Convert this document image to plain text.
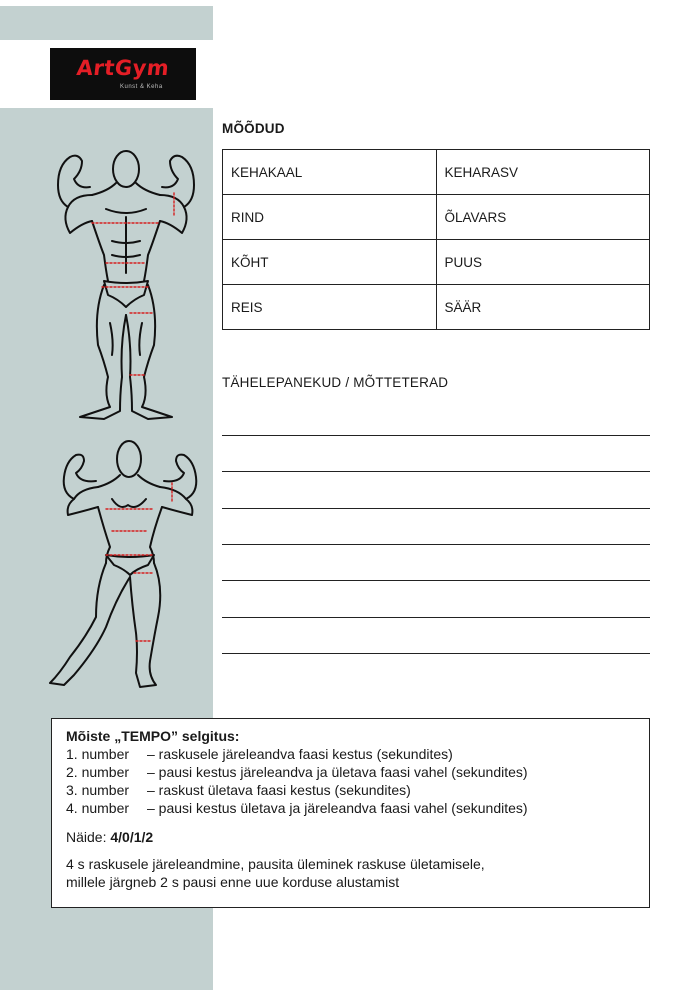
ArtGym
Kunst & Keha
MÕÕDUD
KEHAKAAL	KEHARASV
RIND	ÕLAVARS
KÕHT	PUUS
REIS	SÄÄR
TÄHELEPANEKUD / MÕTTETERAD
Mõiste „TEMPO” selgitus:
1. number – raskusele järeleandva faasi kestus (sekundites)
2. number – pausi kestus järeleandva ja ületava faasi vahel (sekundites)
3. number – raskust ületava faasi kestus (sekundites)
4. number – pausi kestus ületava ja järeleandva faasi vahel (sekundites)
Näide: 4/0/1/2
4 s raskusele järeleandmine, pausita üleminek raskuse ületamisele,
millele järgneb 2 s pausi enne uue korduse alustamist
